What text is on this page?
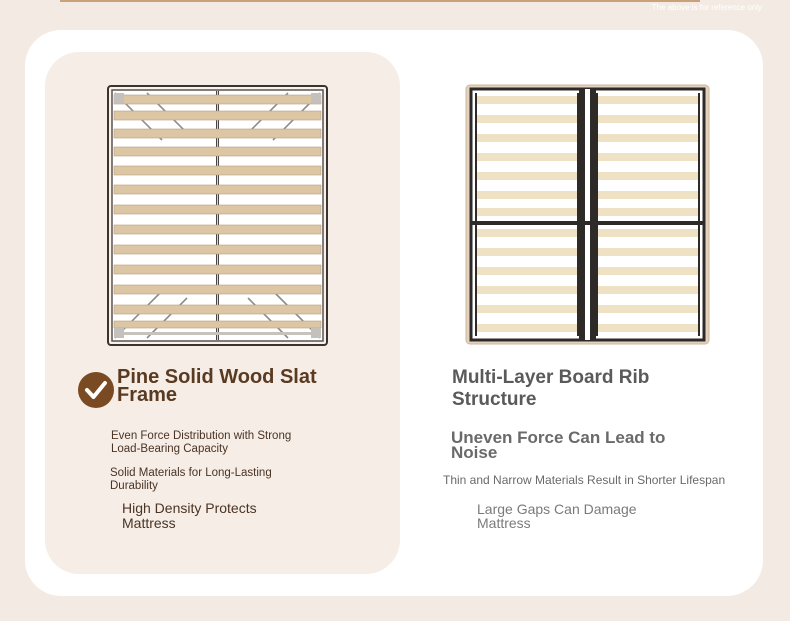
The above is for reference only
Pine Solid Wood Slat Frame
Even Force Distribution with Strong Load-Bearing Capacity
Solid Materials for Long-Lasting Durability
High Density Protects Mattress
Multi-Layer Board Rib Structure
Uneven Force Can Lead to Noise
Thin and Narrow Materials Result in Shorter Lifespan
Large Gaps Can Damage Mattress
